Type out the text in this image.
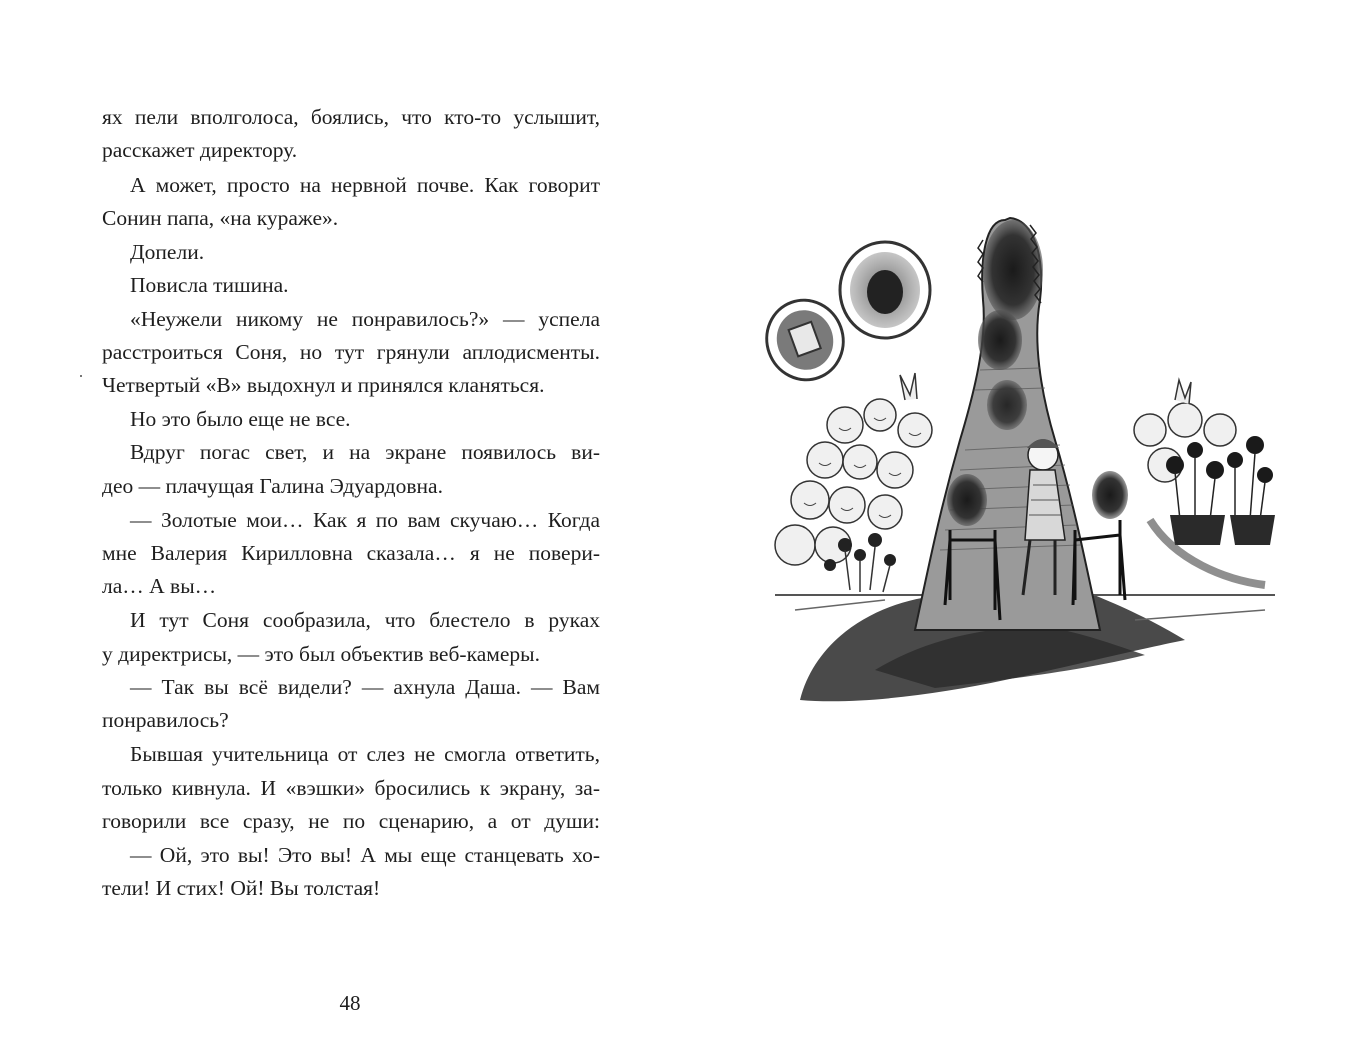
ях пели вполголоса, боялись, что кто-то услышит,
расскажет директору.
А может, просто на нервной почве. Как говорит
Сонин папа, «на кураже».
Допели.
Повисла тишина.
«Неужели никому не понравилось?» — успела
расстроиться Соня, но тут грянули аплодисменты.
Четвертый «В» выдохнул и принялся кланяться.
Но это было еще не все.
Вдруг погас свет, и на экране появилось ви-
део — плачущая Галина Эдуардовна.
— Золотые мои… Как я по вам скучаю… Когда
мне Валерия Кирилловна сказала… я не повери-
ла… А вы…
И тут Соня сообразила, что блестело в руках
у директрисы, — это был объектив веб-камеры.
— Так вы всё видели? — ахнула Даша. — Вам
понравилось?
Бывшая учительница от слез не смогла ответить,
только кивнула. И «вэшки» бросились к экрану, за-
говорили все сразу, не по сценарию, а от души:
— Ой, это вы! Это вы! А мы еще станцевать хо-
тели! И стих! Ой! Вы толстая!
48
